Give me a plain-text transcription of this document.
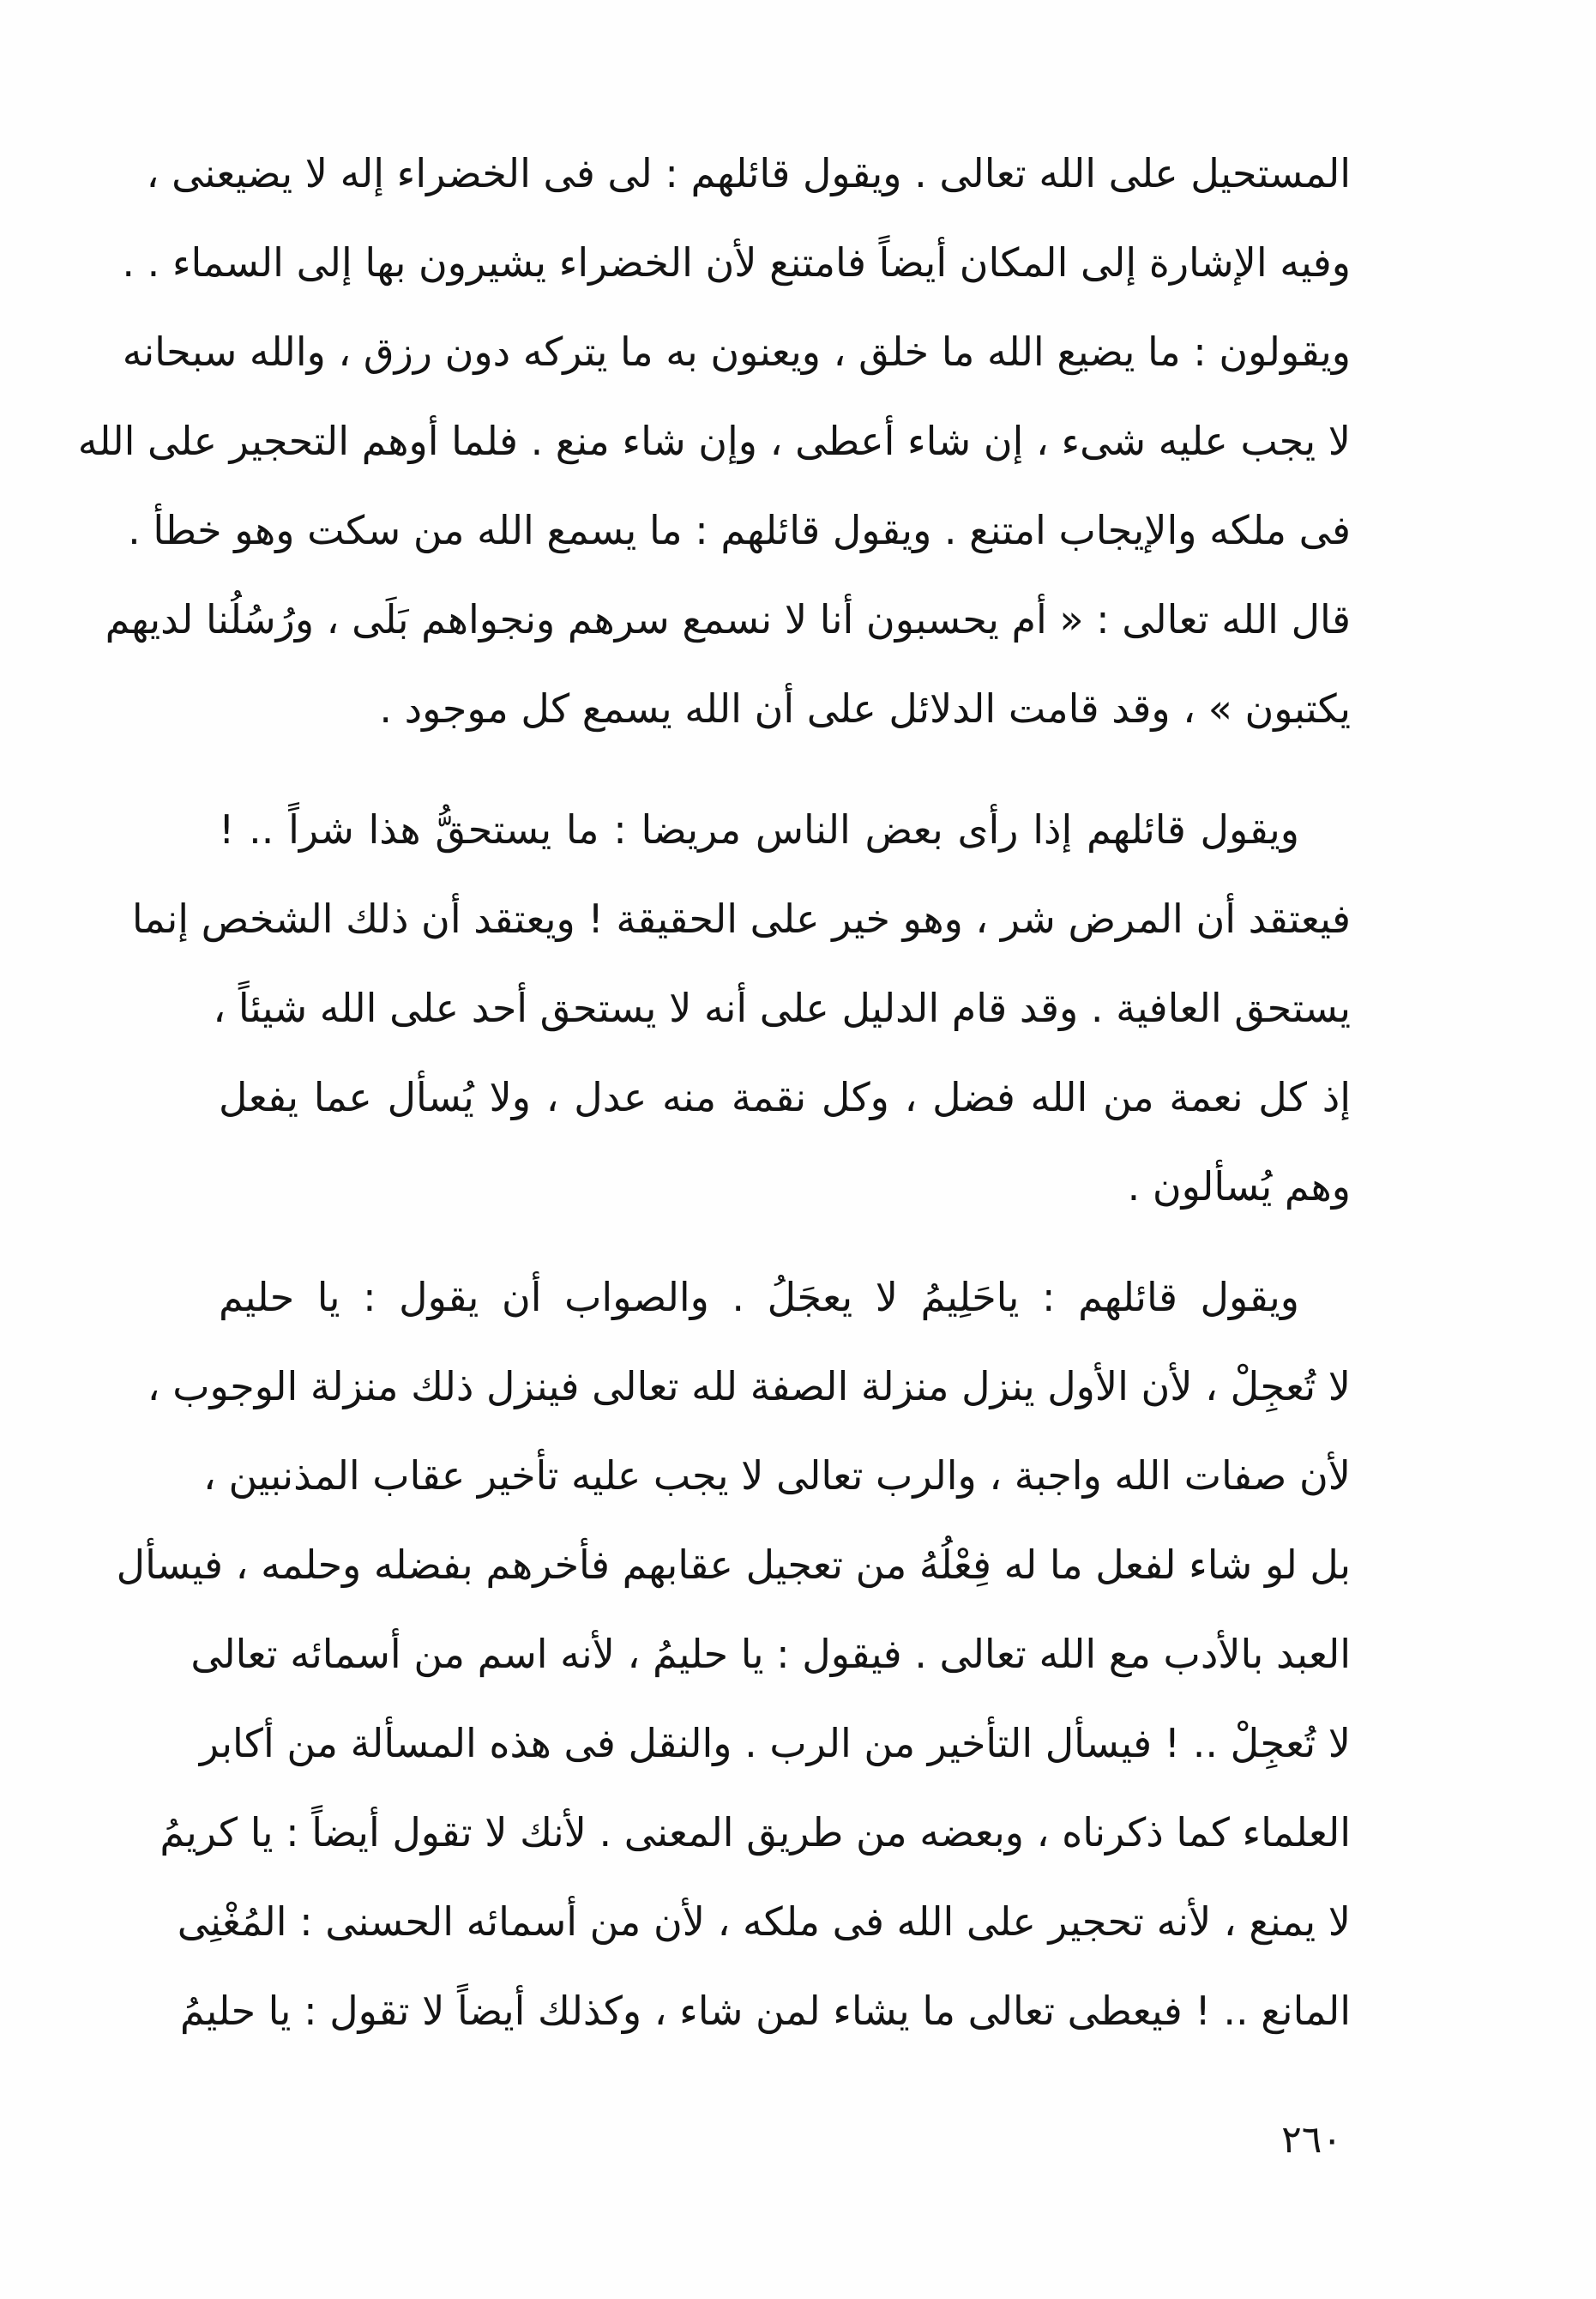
المستحيل على الله تعالى . ويقول قائلهم : لى فى الخضراء إله لا يضيعنى ،
وفيه الإشارة إلى المكان أيضاً فامتنع لأن الخضراء يشيرون بها إلى السماء . .
ويقولون : ما يضيع الله ما خلق ، ويعنون به ما يتركه دون رزق ، والله سبحانه
لا يجب عليه شىء ، إن شاء أعطى ، وإن شاء منع . فلما أوهم التحجير على الله
فى ملكه والإيجاب امتنع . ويقول قائلهم : ما يسمع الله من سكت وهو خطأ .
قال الله تعالى : « أم يحسبون أنا لا نسمع سرهم ونجواهم بَلَى ، ورُسُلُنا لديهم
يكتبون » ، وقد قامت الدلائل على أن الله يسمع كل موجود .
ويقول قائلهم إذا رأى بعض الناس مريضا : ما يستحقُّ هذا شراً .. !
فيعتقد أن المرض شر ، وهو خير على الحقيقة ! ويعتقد أن ذلك الشخص إنما
يستحق العافية . وقد قام الدليل على أنه لا يستحق أحد على الله شيئاً ،
إذ كل نعمة من الله فضل ، وكل نقمة منه عدل ، ولا يُسأل عما يفعل
وهم يُسألون .
ويقول قائلهم : ياحَلِيمُ لا يعجَلُ . والصواب أن يقول : يا حليم
لا تُعجِلْ ، لأن الأول ينزل منزلة الصفة لله تعالى فينزل ذلك منزلة الوجوب ،
لأن صفات الله واجبة ، والرب تعالى لا يجب عليه تأخير عقاب المذنبين ،
بل لو شاء لفعل ما له فِعْلُهُ من تعجيل عقابهم فأخرهم بفضله وحلمه ، فيسأل
العبد بالأدب مع الله تعالى . فيقول : يا حليمُ ، لأنه اسم من أسمائه تعالى
لا تُعجِلْ .. ! فيسأل التأخير من الرب . والنقل فى هذه المسألة من أكابر
العلماء كما ذكرناه ، وبعضه من طريق المعنى . لأنك لا تقول أيضاً : يا كريمُ
لا يمنع ، لأنه تحجير على الله فى ملكه ، لأن من أسمائه الحسنى : المُغْنِى
المانع .. ! فيعطى تعالى ما يشاء لمن شاء ، وكذلك أيضاً لا تقول : يا حليمُ
٢٦٠
